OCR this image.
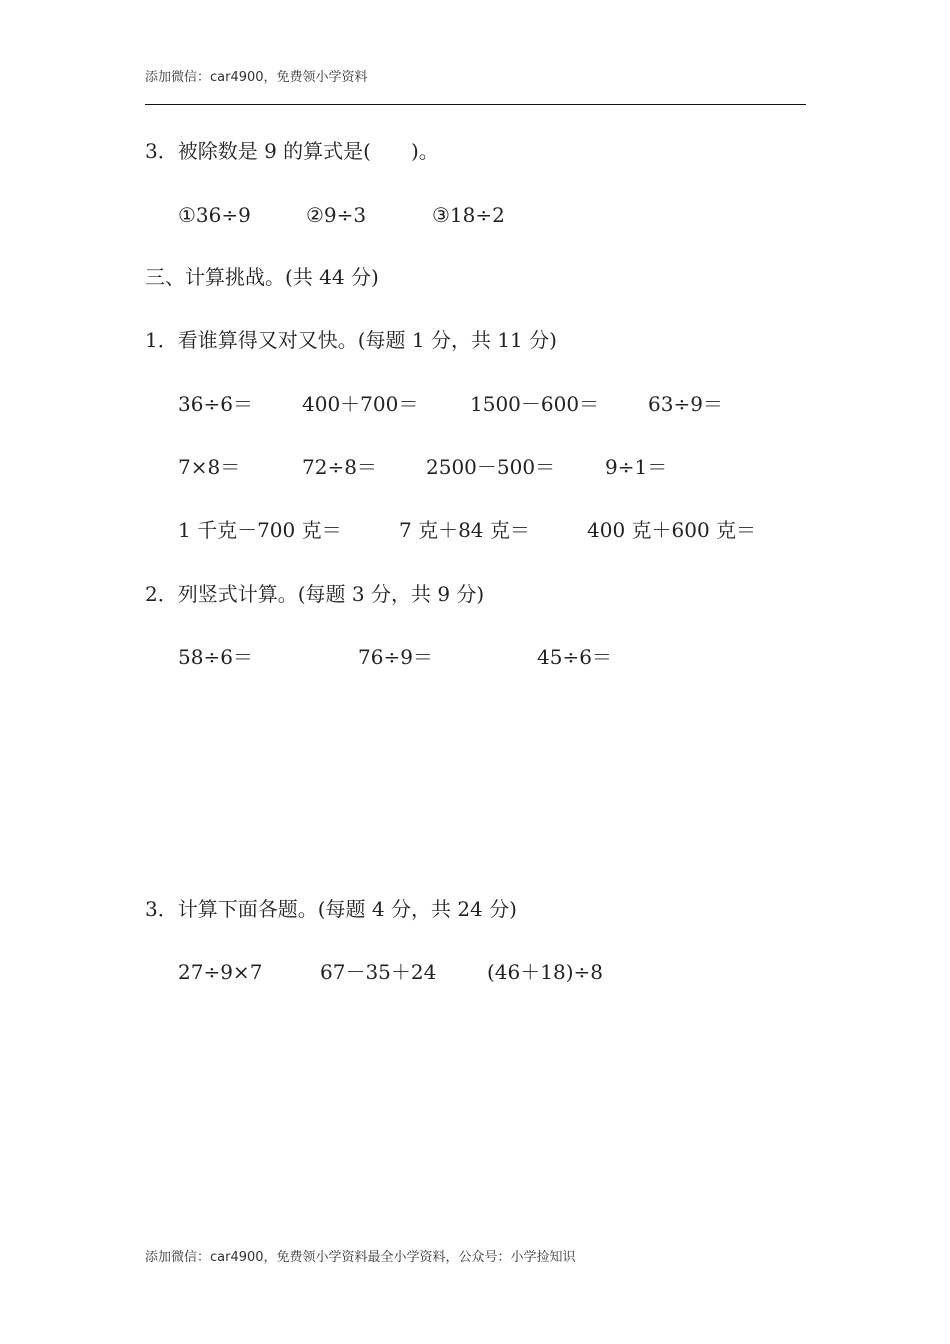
添加微信：car4900，免费领小学资料
3．被除数是 9 的算式是(　　)。
①36÷9	②9÷3	③18÷2
三、计算挑战。(共 44 分)
1．看谁算得又对又快。(每题 1 分，共 11 分)
36÷6＝ 400＋700＝	1500－600＝ 63÷9＝
7×8＝	72÷8＝ 2500－500＝ 9÷1＝
1 千克－700 克＝	7 克＋84 克＝	400 克＋600 克＝
2．列竖式计算。(每题 3 分，共 9 分)
58÷6＝	76÷9＝	45÷6＝
3．计算下面各题。(每题 4 分，共 24 分)
27÷9×7	67－35＋24	(46＋18)÷8
添加微信：car4900，免费领小学资料最全小学资料，公众号：小学捡知识
